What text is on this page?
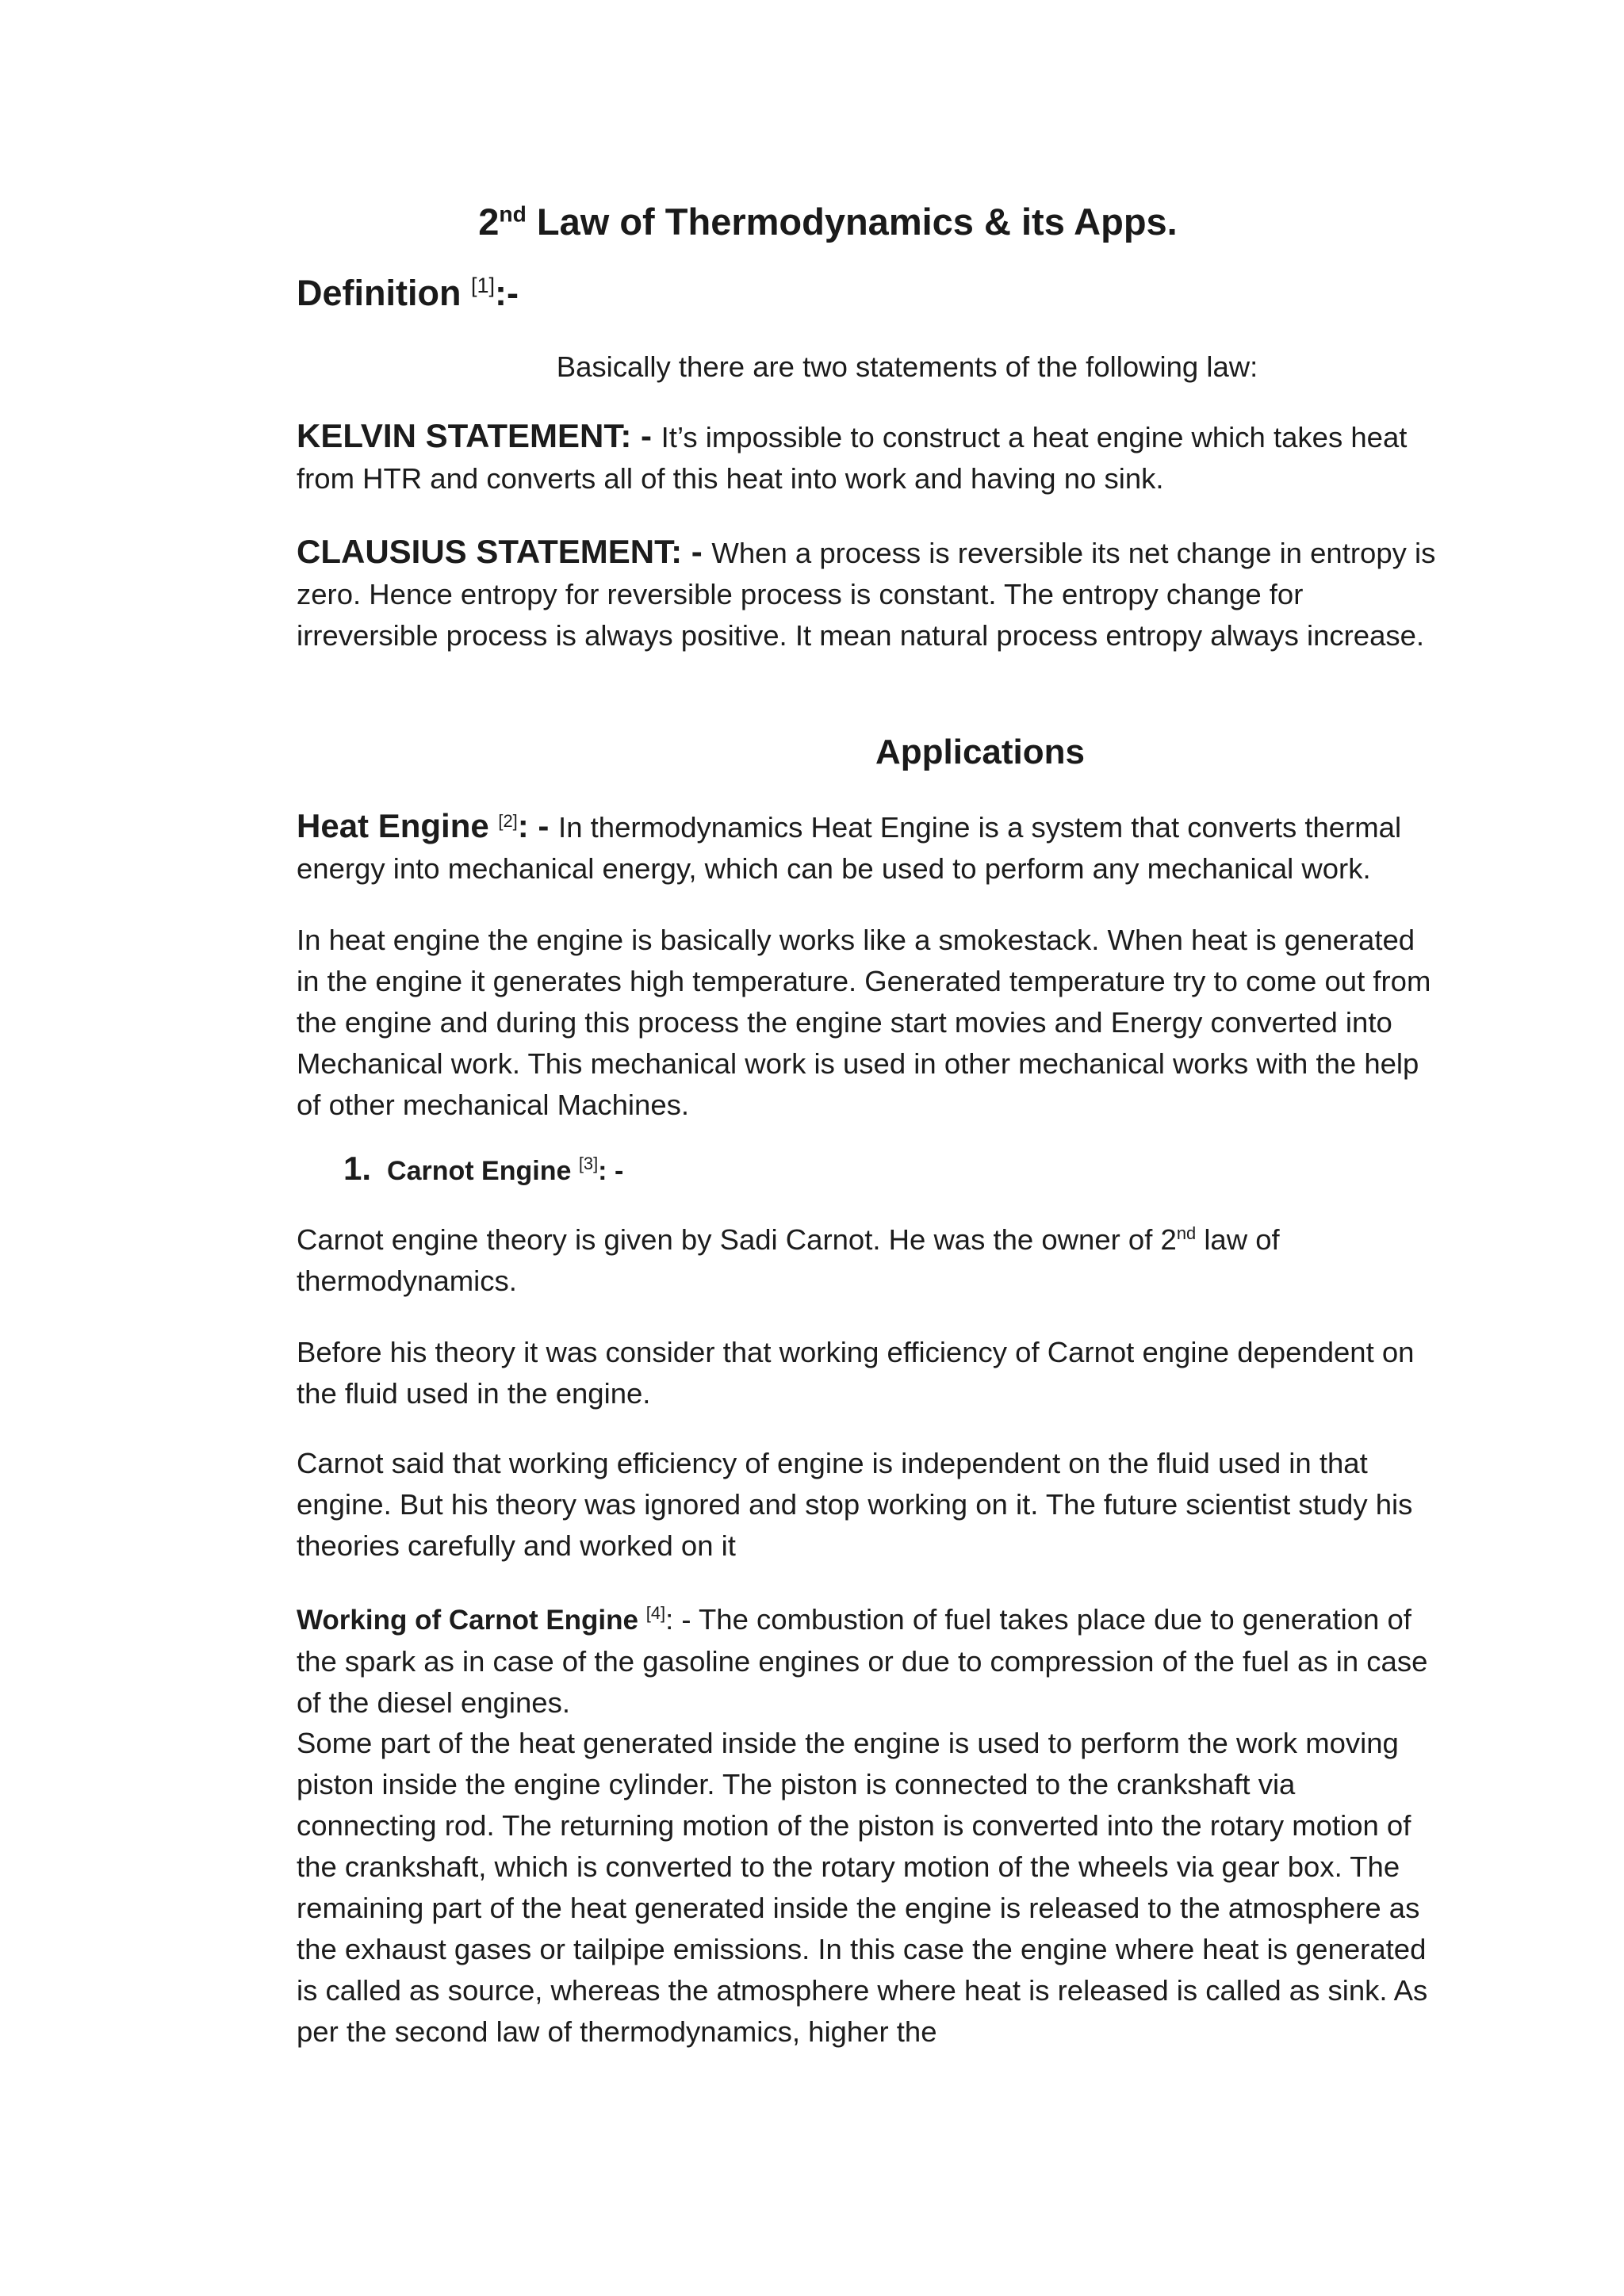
2nd Law of Thermodynamics & its Apps.

Definition [1]:-

Basically there are two statements of the following law:

KELVIN STATEMENT: - It’s impossible to construct a heat engine which takes heat from HTR and converts all of this heat into work and having no sink.

CLAUSIUS STATEMENT: - When a process is reversible its net change in entropy is zero. Hence entropy for reversible process is constant. The entropy change for irreversible process is always positive. It mean natural process entropy always increase.

Applications

Heat Engine [2]: - In thermodynamics Heat Engine is a system that converts thermal energy into mechanical energy, which can be used to perform any mechanical work.

In heat engine the engine is basically works like a smokestack. When heat is generated in the engine it generates high temperature. Generated temperature try to come out from the engine and during this process the engine start movies and Energy converted into Mechanical work. This mechanical work is used in other mechanical works with the help of other mechanical Machines.

1. Carnot Engine [3]: -

Carnot engine theory is given by Sadi Carnot. He was the owner of 2nd law of thermodynamics.

Before his theory it was consider that working efficiency of Carnot engine dependent on the fluid used in the engine.

Carnot said that working efficiency of engine is independent on the fluid used in that engine. But his theory was ignored and stop working on it. The future scientist study his theories carefully and worked on it

Working of Carnot Engine [4]: - The combustion of fuel takes place due to generation of the spark as in case of the gasoline engines or due to compression of the fuel as in case of the diesel engines.

Some part of the heat generated inside the engine is used to perform the work moving piston inside the engine cylinder. The piston is connected to the crankshaft via connecting rod. The returning motion of the piston is converted into the rotary motion of the crankshaft, which is converted to the rotary motion of the wheels via gear box. The remaining part of the heat generated inside the engine is released to the atmosphere as the exhaust gases or tailpipe emissions. In this case the engine where heat is generated is called as source, whereas the atmosphere where heat is released is called as sink. As per the second law of thermodynamics, higher the
